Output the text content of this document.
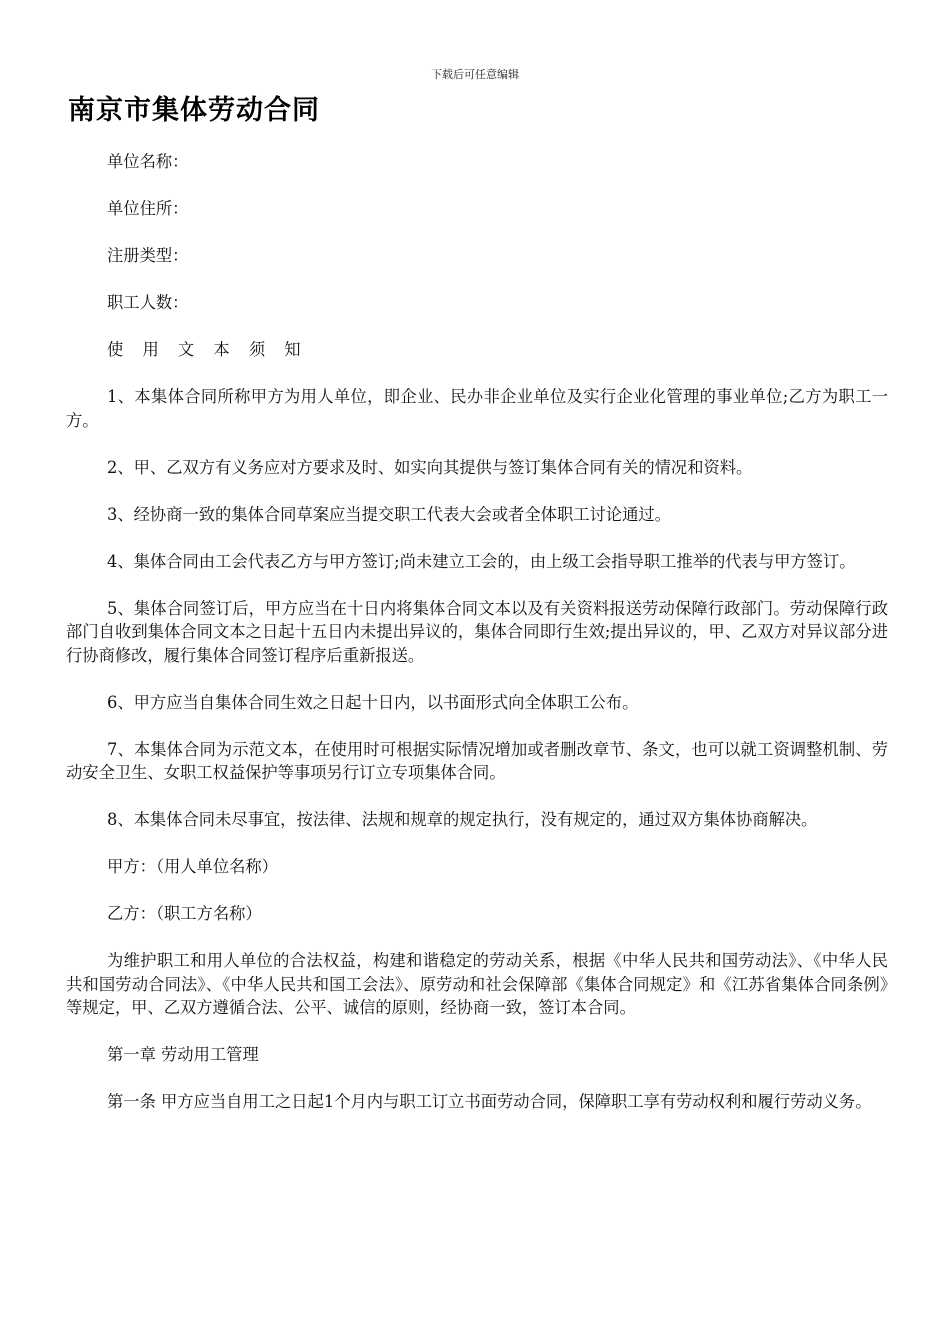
下载后可任意编辑
南京市集体劳动合同

单位名称：

单位住所：

注册类型：

职工人数：

使 用 文 本 须 知

1、本集体合同所称甲方为用人单位，即企业、民办非企业单位及实行企业化管理的事业单位;乙方为职工一方。

2、甲、乙双方有义务应对方要求及时、如实向其提供与签订集体合同有关的情况和资料。

3、经协商一致的集体合同草案应当提交职工代表大会或者全体职工讨论通过。

4、集体合同由工会代表乙方与甲方签订;尚未建立工会的，由上级工会指导职工推举的代表与甲方签订。

5、集体合同签订后，甲方应当在十日内将集体合同文本以及有关资料报送劳动保障行政部门。劳动保障行政部门自收到集体合同文本之日起十五日内未提出异议的，集体合同即行生效;提出异议的，甲、乙双方对异议部分进行协商修改，履行集体合同签订程序后重新报送。

6、甲方应当自集体合同生效之日起十日内，以书面形式向全体职工公布。

7、本集体合同为示范文本，在使用时可根据实际情况增加或者删改章节、条文，也可以就工资调整机制、劳动安全卫生、女职工权益保护等事项另行订立专项集体合同。

8、本集体合同未尽事宜，按法律、法规和规章的规定执行，没有规定的，通过双方集体协商解决。

甲方：（用人单位名称）

乙方：（职工方名称）

为维护职工和用人单位的合法权益，构建和谐稳定的劳动关系，根据《中华人民共和国劳动法》、《中华人民共和国劳动合同法》、《中华人民共和国工会法》、原劳动和社会保障部《集体合同规定》和《江苏省集体合同条例》等规定，甲、乙双方遵循合法、公平、诚信的原则，经协商一致，签订本合同。

第一章 劳动用工管理

第一条 甲方应当自用工之日起1个月内与职工订立书面劳动合同，保障职工享有劳动权利和履行劳动义务。
